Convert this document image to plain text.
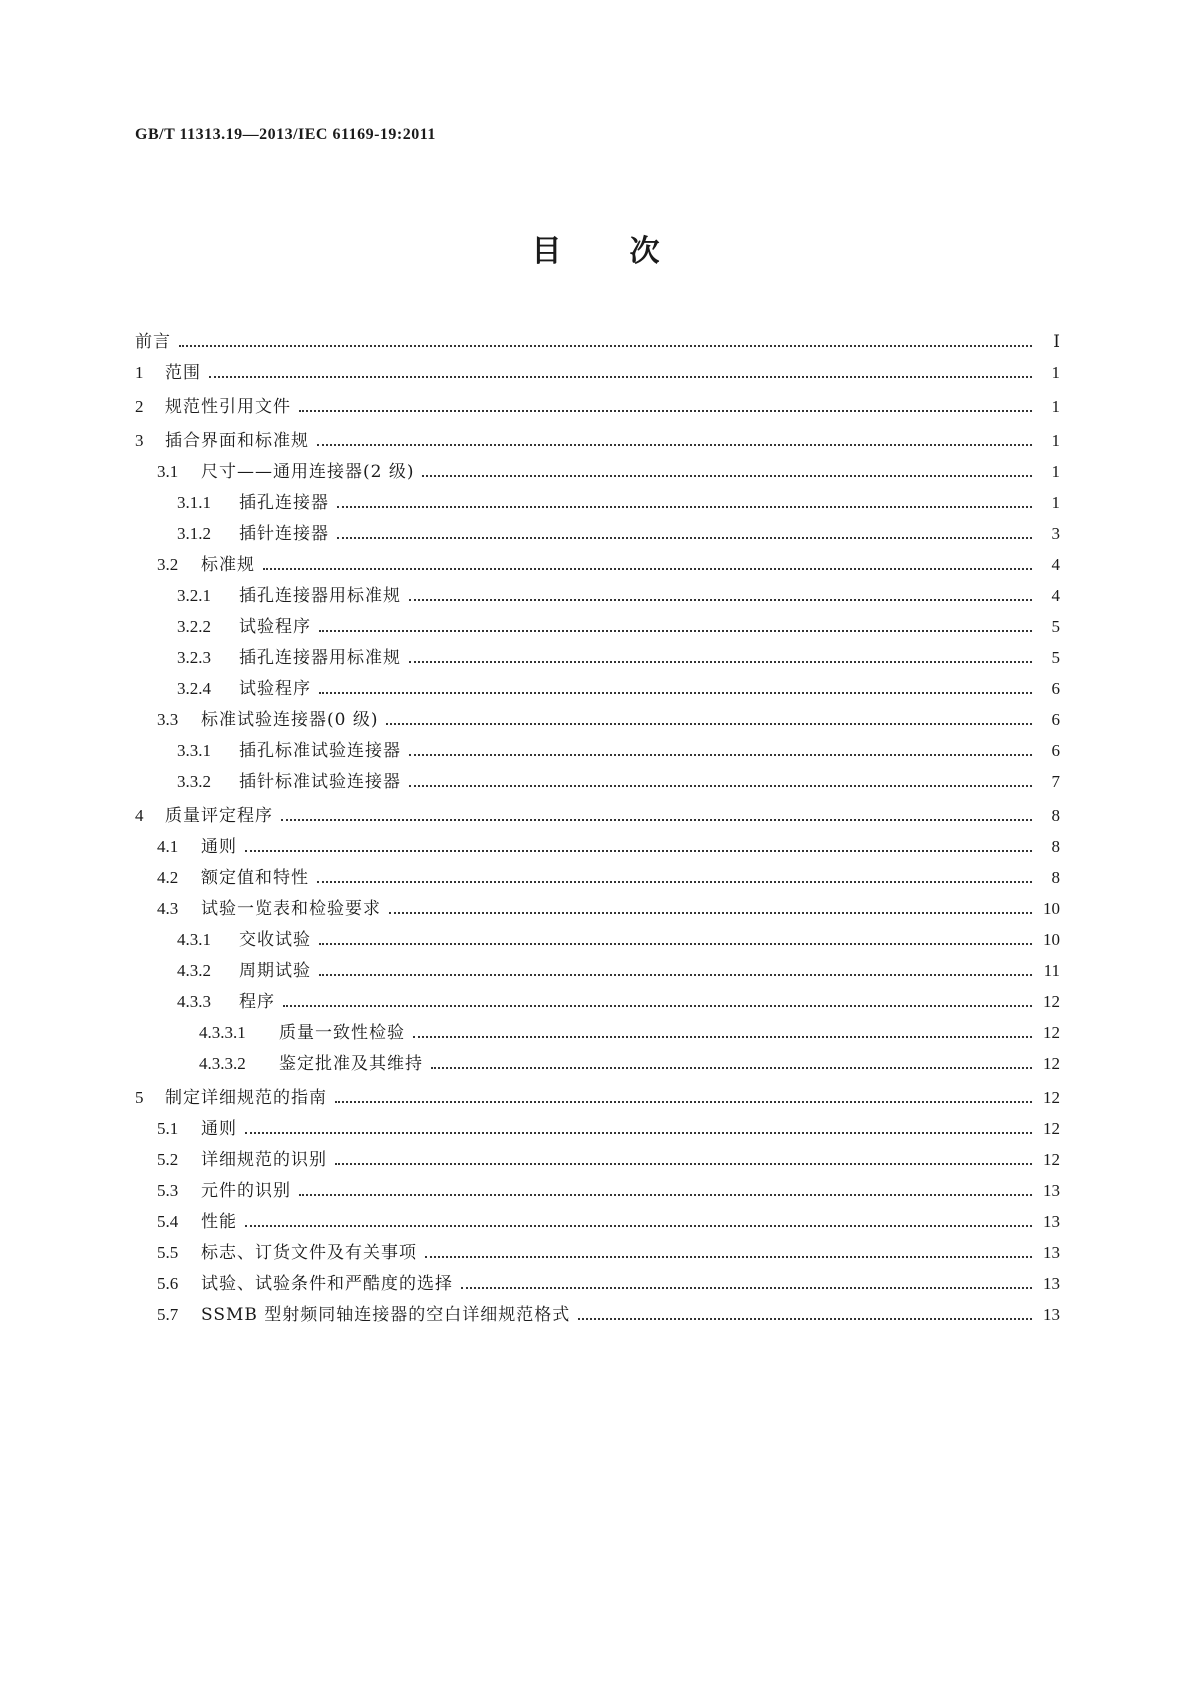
GB/T 11313.19—2013/IEC 61169-19:2011
目次
前言	Ⅰ
1	范围	1
2	规范性引用文件	1
3	插合界面和标准规	1
3.1	尺寸——通用连接器(2 级)	1
3.1.1	插孔连接器	1
3.1.2	插针连接器	3
3.2	标准规	4
3.2.1	插孔连接器用标准规	4
3.2.2	试验程序	5
3.2.3	插孔连接器用标准规	5
3.2.4	试验程序	6
3.3	标准试验连接器(0 级)	6
3.3.1	插孔标准试验连接器	6
3.3.2	插针标准试验连接器	7
4	质量评定程序	8
4.1	通则	8
4.2	额定值和特性	8
4.3	试验一览表和检验要求	10
4.3.1	交收试验	10
4.3.2	周期试验	11
4.3.3	程序	12
4.3.3.1	质量一致性检验	12
4.3.3.2	鉴定批准及其维持	12
5	制定详细规范的指南	12
5.1	通则	12
5.2	详细规范的识别	12
5.3	元件的识别	13
5.4	性能	13
5.5	标志、订货文件及有关事项	13
5.6	试验、试验条件和严酷度的选择	13
5.7	SSMB 型射频同轴连接器的空白详细规范格式	13
